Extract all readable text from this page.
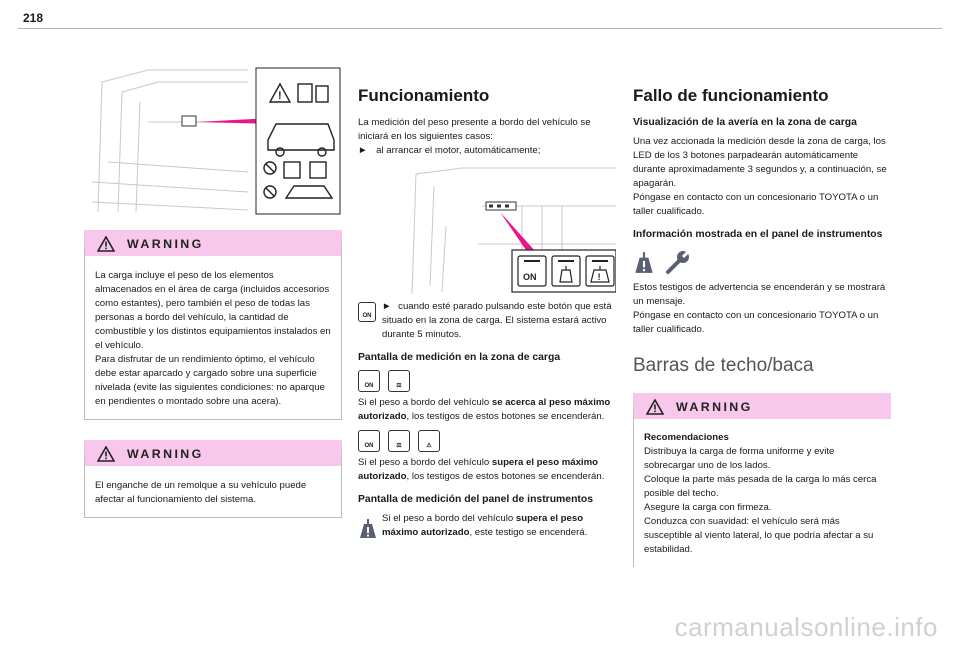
218
!
WARNING
La carga incluye el peso de los elementos almacenados en el área de carga (incluidos accesorios como estantes), pero también el peso de todas las personas a bordo del vehículo, la cantidad de combustible y los distintos equipamientos instalados en el vehículo.
Para disfrutar de un rendimiento óptimo, el vehículo debe estar aparcado y cargado sobre una superficie nivelada (evite las siguientes condiciones: no aparque en pendientes o montado sobre una acera).
WARNING
El enganche de un remolque a su vehículo puede afectar al funcionamiento del sistema.
Funcionamiento
La medición del peso presente a bordo del vehículo se iniciará en los siguientes casos:
► al arrancar el motor, automáticamente;
ON	!
ON
► cuando esté parado pulsando este botón que está situado en la zona de carga. El sistema estará activo durante 5 minutos.
Pantalla de medición en la zona de carga
ON	⚖
Si el peso a bordo del vehículo se acerca al peso máximo autorizado, los testigos de estos botones se encenderán.
ON	⚖	⚠
Si el peso a bordo del vehículo supera el peso máximo autorizado, los testigos de estos botones se encenderán.
Pantalla de medición del panel de instrumentos
Si el peso a bordo del vehículo supera el peso máximo autorizado, este testigo se encenderá.
Fallo de funcionamiento
Visualización de la avería en la zona de carga
Una vez accionada la medición desde la zona de carga, los LED de los 3 botones parpadearán automáticamente durante aproximadamente 3 segundos y, a continuación, se apagarán.
Póngase en contacto con un concesionario TOYOTA o un taller cualificado.
Información mostrada en el panel de instrumentos
Estos testigos de advertencia se encenderán y se mostrará un mensaje.
Póngase en contacto con un concesionario TOYOTA o un taller cualificado.
Barras de techo/baca
WARNING
Recomendaciones
Distribuya la carga de forma uniforme y evite sobrecargar uno de los lados.
Coloque la parte más pesada de la carga lo más cerca posible del techo.
Asegure la carga con firmeza.
Conduzca con suavidad: el vehículo será más susceptible al viento lateral, lo que podría afectar a su estabilidad.
carmanualsonline.info
